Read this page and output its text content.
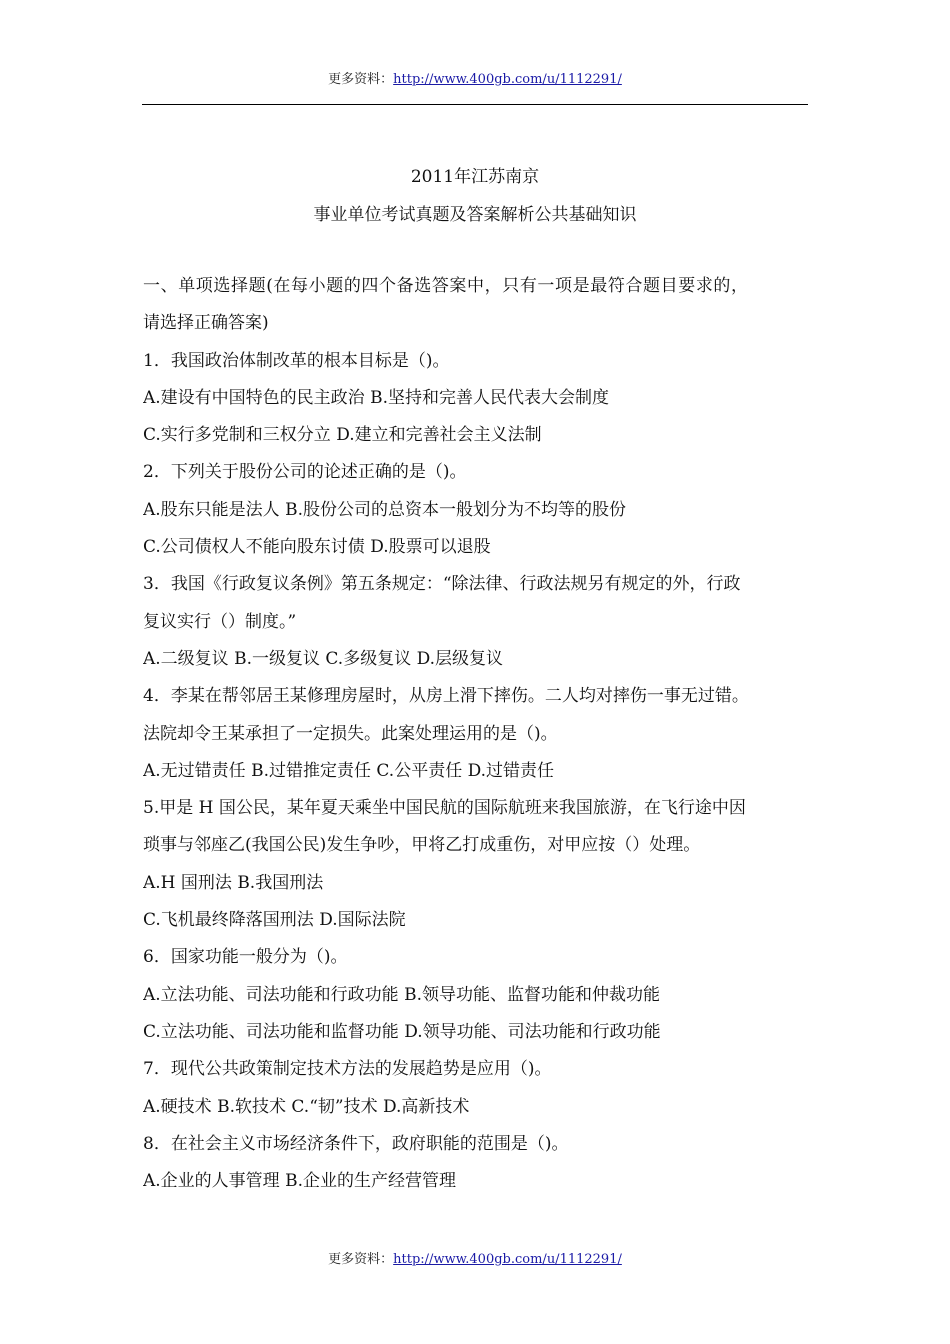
更多资料：http://www.400gb.com/u/1112291/
2011年江苏南京
事业单位考试真题及答案解析公共基础知识
一、单项选择题(在每小题的四个备选答案中，只有一项是最符合题目要求的，
请选择正确答案)
1．我国政治体制改革的根本目标是（)。
A.建设有中国特色的民主政治 B.坚持和完善人民代表大会制度
C.实行多党制和三权分立 D.建立和完善社会主义法制
2．下列关于股份公司的论述正确的是（)。
A.股东只能是法人 B.股份公司的总资本一般划分为不均等的股份
C.公司债权人不能向股东讨债 D.股票可以退股
3．我国《行政复议条例》第五条规定：“除法律、行政法规另有规定的外，行政
复议实行（）制度。”
A.二级复议 B.一级复议 C.多级复议 D.层级复议
4．李某在帮邻居王某修理房屋时，从房上滑下摔伤。二人均对摔伤一事无过错。
法院却令王某承担了一定损失。此案处理运用的是（)。
A.无过错责任 B.过错推定责任 C.公平责任 D.过错责任
5.甲是 H 国公民，某年夏天乘坐中国民航的国际航班来我国旅游，在飞行途中因
琐事与邻座乙(我国公民)发生争吵，甲将乙打成重伤，对甲应按（）处理。
A.H 国刑法 B.我国刑法
C.飞机最终降落国刑法 D.国际法院
6．国家功能一般分为（)。
A.立法功能、司法功能和行政功能 B.领导功能、监督功能和仲裁功能
C.立法功能、司法功能和监督功能 D.领导功能、司法功能和行政功能
7．现代公共政策制定技术方法的发展趋势是应用（)。
A.硬技术 B.软技术 C.“韧”技术 D.高新技术
8．在社会主义市场经济条件下，政府职能的范围是（)。
A.企业的人事管理 B.企业的生产经营管理
更多资料：http://www.400gb.com/u/1112291/
